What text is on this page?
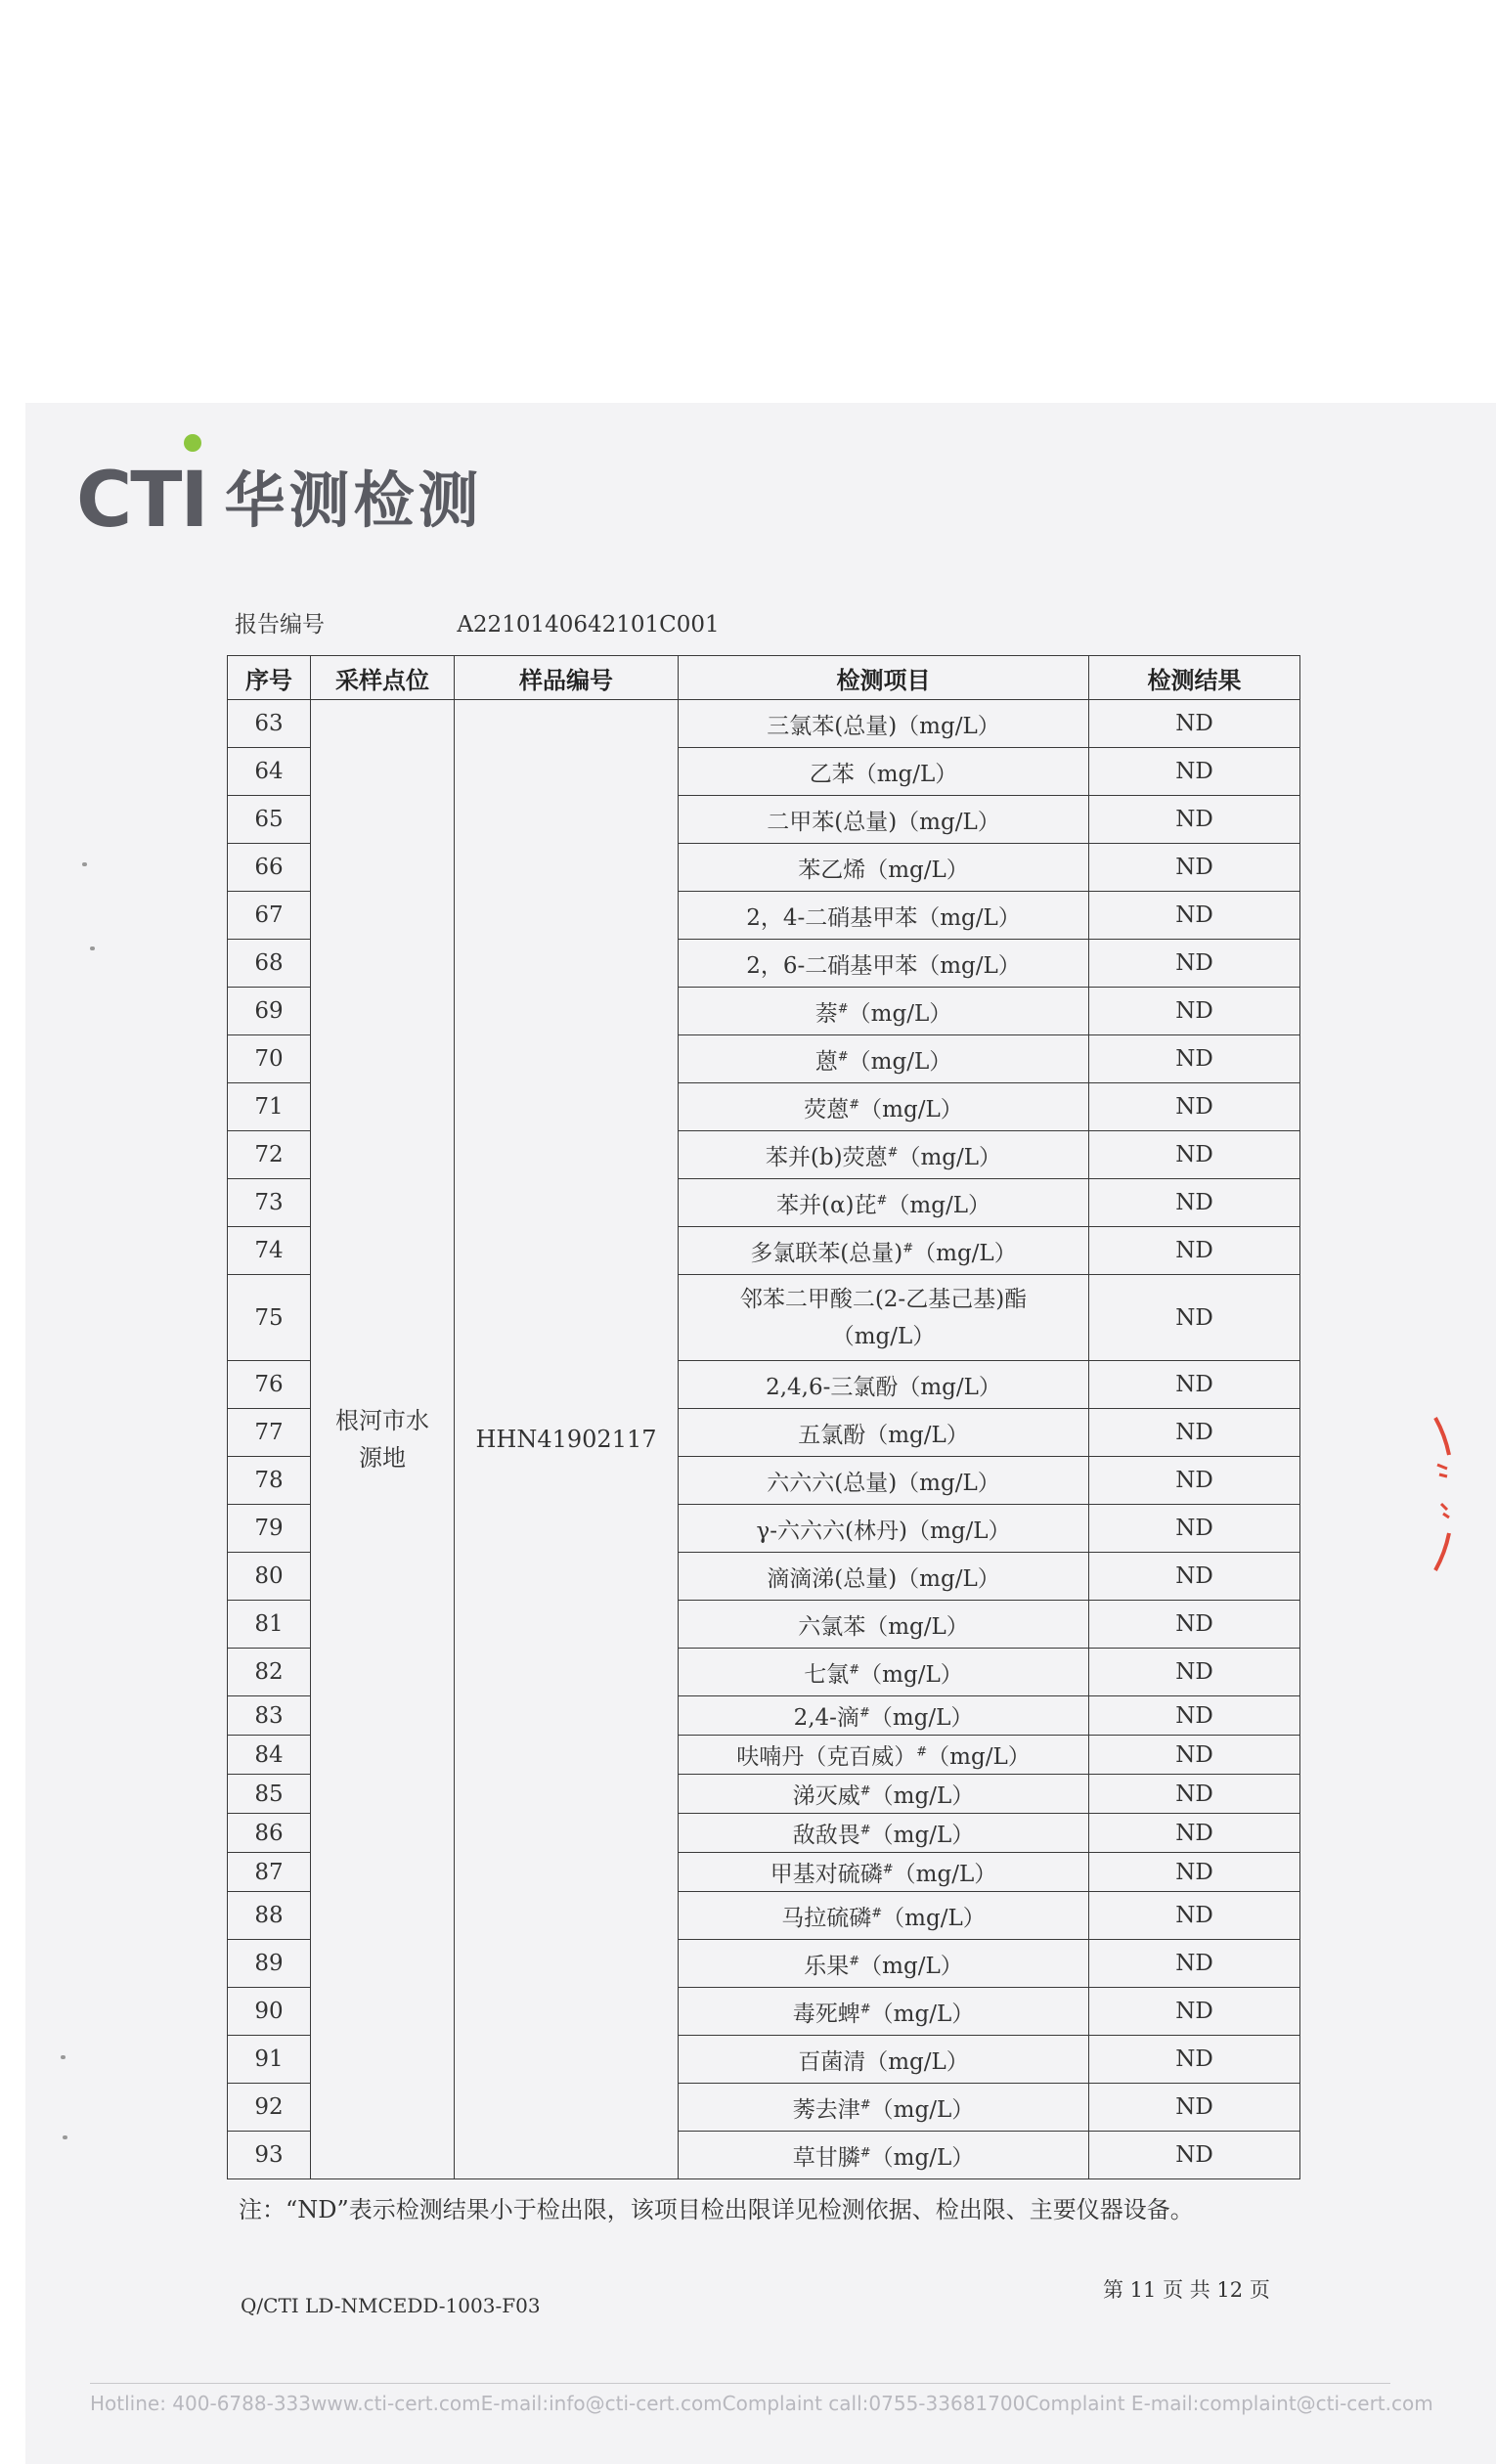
CTI 华测检测
报告编号	A2210140642101C001
序号	采样点位	样品编号	检测项目	检测结果
63	根河市水源地	HHN41902117	三氯苯(总量)（mg/L）	ND
64			乙苯（mg/L）	ND
65			二甲苯(总量)（mg/L）	ND
66			苯乙烯（mg/L）	ND
67			2，4-二硝基甲苯（mg/L）	ND
68			2，6-二硝基甲苯（mg/L）	ND
69			萘#（mg/L）	ND
70			蒽#（mg/L）	ND
71			荧蒽#（mg/L）	ND
72			苯并(b)荧蒽#（mg/L）	ND
73			苯并(α)芘#（mg/L）	ND
74			多氯联苯(总量)#（mg/L）	ND
75			邻苯二甲酸二(2-乙基己基)酯
（mg/L）	ND
76			2,4,6-三氯酚（mg/L）	ND
77			五氯酚（mg/L）	ND
78			六六六(总量)（mg/L）	ND
79			γ-六六六(林丹)（mg/L）	ND
80			滴滴涕(总量)（mg/L）	ND
81			六氯苯（mg/L）	ND
82			七氯#（mg/L）	ND
83			2,4-滴#（mg/L）	ND
84			呋喃丹（克百威）#（mg/L）	ND
85			涕灭威#（mg/L）	ND
86			敌敌畏#（mg/L）	ND
87			甲基对硫磷#（mg/L）	ND
88			马拉硫磷#（mg/L）	ND
89			乐果#（mg/L）	ND
90			毒死蜱#（mg/L）	ND
91			百菌清（mg/L）	ND
92			莠去津#（mg/L）	ND
93			草甘膦#（mg/L）	ND
注：“ND”表示检测结果小于检出限，该项目检出限详见检测依据、检出限、主要仪器设备。
第 11 页 共 12 页
Q/CTI LD-NMCEDD-1003-F03
Hotline: 400-6788-333 www.cti-cert.com E-mail:info@cti-cert.com Complaint call:0755-33681700 Complaint E-mail:complaint@cti-cert.com
